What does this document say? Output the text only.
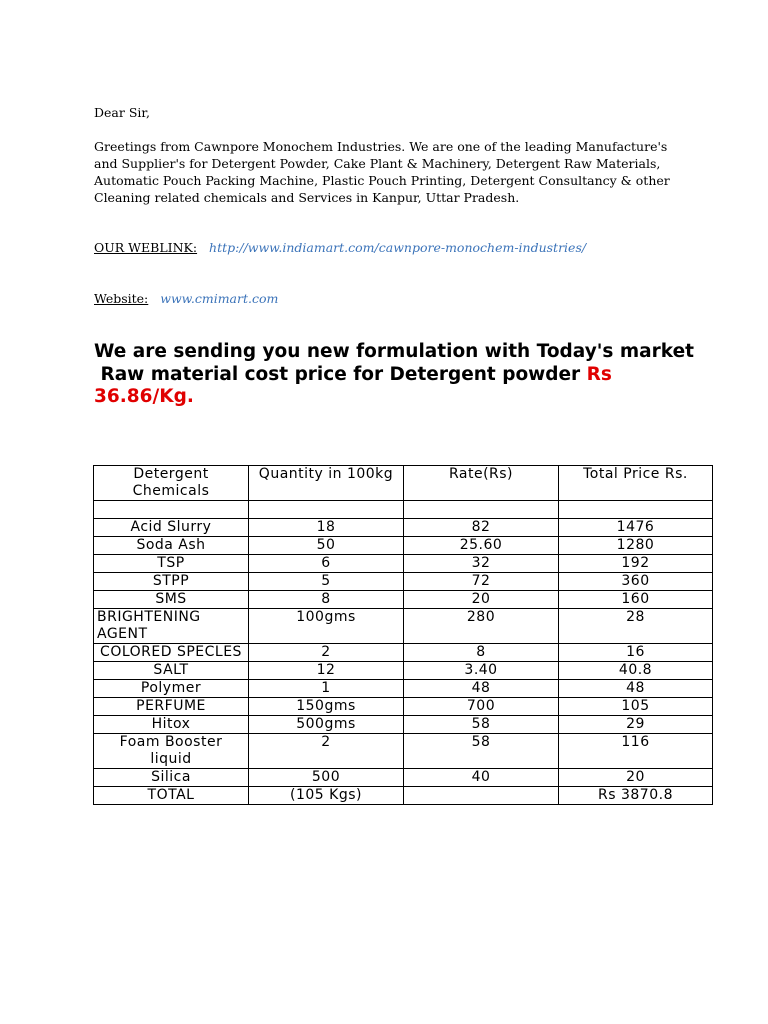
Dear Sir,
Greetings from Cawnpore Monochem Industries. We are one of the leading Manufacture's and Supplier's for Detergent Powder, Cake Plant & Machinery, Detergent Raw Materials, Automatic Pouch Packing Machine, Plastic Pouch Printing, Detergent Consultancy & other Cleaning related chemicals and Services in Kanpur, Uttar Pradesh.
OUR WEBLINK: http://www.indiamart.com/cawnpore-monochem-industries/
Website: www.cmimart.com
We are sending you new formulation with Today's market
Raw material cost price for Detergent powder Rs 36.86/Kg.
Detergent Chemicals	Quantity in 100kg	Rate(Rs)	Total Price Rs.

Acid Slurry	18	82	1476
Soda Ash	50	25.60	1280
TSP	6	32	192
STPP	5	72	360
SMS	8	20	160
BRIGHTENING AGENT	100gms	280	28
COLORED SPECLES	2	8	16
SALT	12	3.40	40.8
Polymer	1	48	48
PERFUME	150gms	700	105
Hitox	500gms	58	29
Foam Booster liquid	2	58	116
Silica	500	40	20
TOTAL	(105 Kgs)		Rs 3870.8
